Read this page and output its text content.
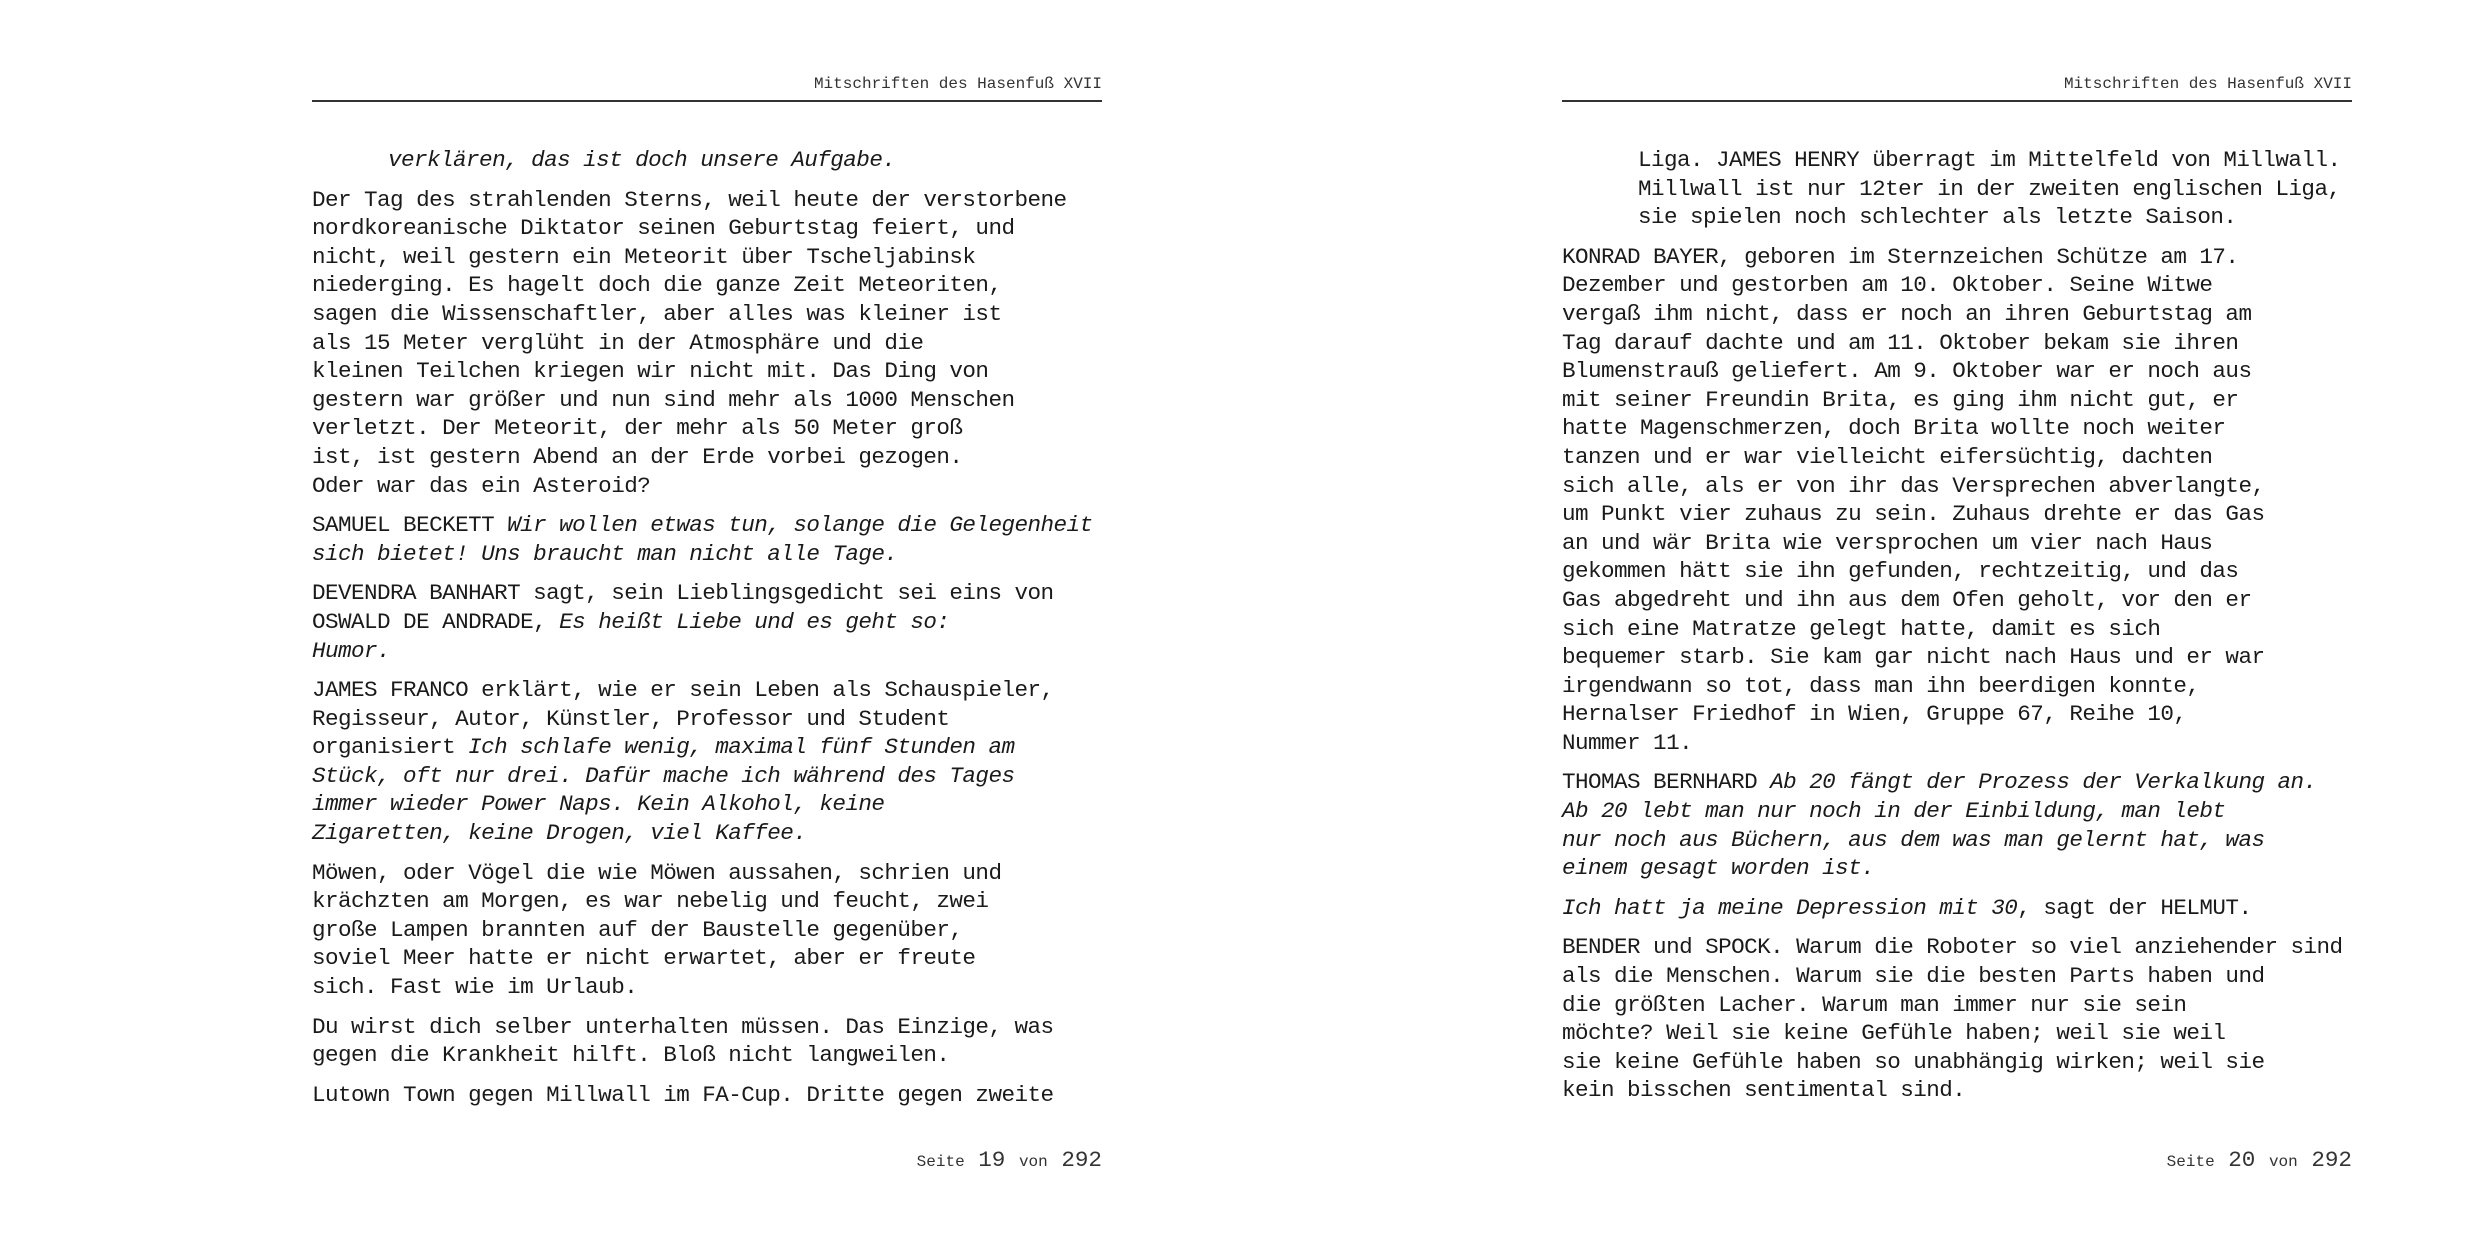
Mitschriften des Hasenfuß XVII
verklären, das ist doch unsere Aufgabe.
Der Tag des strahlenden Sterns, weil heute der verstorbene
nordkoreanische Diktator seinen Geburtstag feiert, und
nicht, weil gestern ein Meteorit über Tscheljabinsk
niederging. Es hagelt doch die ganze Zeit Meteoriten,
sagen die Wissenschaftler, aber alles was kleiner ist
als 15 Meter verglüht in der Atmosphäre und die
kleinen Teilchen kriegen wir nicht mit. Das Ding von
gestern war größer und nun sind mehr als 1000 Menschen
verletzt. Der Meteorit, der mehr als 50 Meter groß
ist, ist gestern Abend an der Erde vorbei gezogen.
Oder war das ein Asteroid?
SAMUEL BECKETT Wir wollen etwas tun, solange die Gelegenheit
sich bietet! Uns braucht man nicht alle Tage.
DEVENDRA BANHART sagt, sein Lieblingsgedicht sei eins von
OSWALD DE ANDRADE, Es heißt Liebe und es geht so:
Humor.
JAMES FRANCO erklärt, wie er sein Leben als Schauspieler,
Regisseur, Autor, Künstler, Professor und Student
organisiert Ich schlafe wenig, maximal fünf Stunden am
Stück, oft nur drei. Dafür mache ich während des Tages
immer wieder Power Naps. Kein Alkohol, keine
Zigaretten, keine Drogen, viel Kaffee.
Möwen, oder Vögel die wie Möwen aussahen, schrien und
krächzten am Morgen, es war nebelig und feucht, zwei
große Lampen brannten auf der Baustelle gegenüber,
soviel Meer hatte er nicht erwartet, aber er freute
sich. Fast wie im Urlaub.
Du wirst dich selber unterhalten müssen. Das Einzige, was
gegen die Krankheit hilft. Bloß nicht langweilen.
Lutown Town gegen Millwall im FA-Cup. Dritte gegen zweite
Seite 19 von 292
Mitschriften des Hasenfuß XVII
Liga. JAMES HENRY überragt im Mittelfeld von Millwall.
Millwall ist nur 12ter in der zweiten englischen Liga,
sie spielen noch schlechter als letzte Saison.
KONRAD BAYER, geboren im Sternzeichen Schütze am 17.
Dezember und gestorben am 10. Oktober. Seine Witwe
vergaß ihm nicht, dass er noch an ihren Geburtstag am
Tag darauf dachte und am 11. Oktober bekam sie ihren
Blumenstrauß geliefert. Am 9. Oktober war er noch aus
mit seiner Freundin Brita, es ging ihm nicht gut, er
hatte Magenschmerzen, doch Brita wollte noch weiter
tanzen und er war vielleicht eifersüchtig, dachten
sich alle, als er von ihr das Versprechen abverlangte,
um Punkt vier zuhaus zu sein. Zuhaus drehte er das Gas
an und wär Brita wie versprochen um vier nach Haus
gekommen hätt sie ihn gefunden, rechtzeitig, und das
Gas abgedreht und ihn aus dem Ofen geholt, vor den er
sich eine Matratze gelegt hatte, damit es sich
bequemer starb. Sie kam gar nicht nach Haus und er war
irgendwann so tot, dass man ihn beerdigen konnte,
Hernalser Friedhof in Wien, Gruppe 67, Reihe 10,
Nummer 11.
THOMAS BERNHARD Ab 20 fängt der Prozess der Verkalkung an.
Ab 20 lebt man nur noch in der Einbildung, man lebt
nur noch aus Büchern, aus dem was man gelernt hat, was
einem gesagt worden ist.
Ich hatt ja meine Depression mit 30, sagt der HELMUT.
BENDER und SPOCK. Warum die Roboter so viel anziehender sind
als die Menschen. Warum sie die besten Parts haben und
die größten Lacher. Warum man immer nur sie sein
möchte? Weil sie keine Gefühle haben; weil sie weil
sie keine Gefühle haben so unabhängig wirken; weil sie
kein bisschen sentimental sind.
Seite 20 von 292
